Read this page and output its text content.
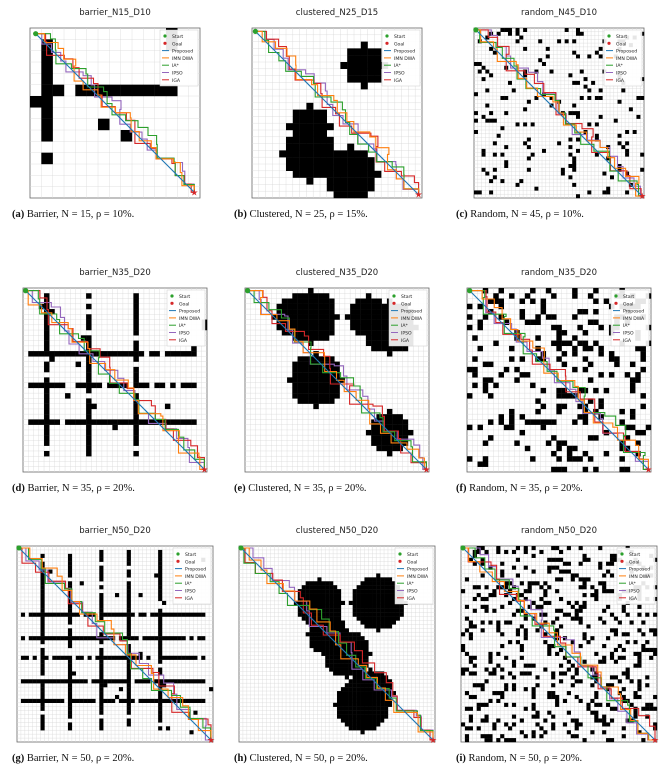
barrier_N15_D10
★
Start
Goal
Proposed
IMN DWA
IA*
IPSO
IGA
(a) Barrier, N = 15, ρ = 10%.
clustered_N25_D15
★
Start
Goal
Proposed
IMN DWA
IA*
IPSO
IGA
(b) Clustered, N = 25, ρ = 15%.
random_N45_D10
★
Start
Goal
Proposed
IMN DWA
IA*
IPSO
IGA
(c) Random, N = 45, ρ = 10%.
barrier_N35_D20
★
Start
Goal
Proposed
IMN DWA
IA*
IPSO
IGA
(d) Barrier, N = 35, ρ = 20%.
clustered_N35_D20
★
Start
Goal
Proposed
IMN DWA
IA*
IPSO
IGA
(e) Clustered, N = 35, ρ = 20%.
random_N35_D20
★
Start
Goal
Proposed
IMN DWA
IA*
IPSO
IGA
(f) Random, N = 35, ρ = 20%.
barrier_N50_D20
★
Start
Goal
Proposed
IMN DWA
IA*
IPSO
IGA
(g) Barrier, N = 50, ρ = 20%.
clustered_N50_D20
★
Start
Goal
Proposed
IMN DWA
IA*
IPSO
IGA
(h) Clustered, N = 50, ρ = 20%.
random_N50_D20
★
Start
Goal
Proposed
IMN DWA
IA*
IPSO
IGA
(i) Random, N = 50, ρ = 20%.
